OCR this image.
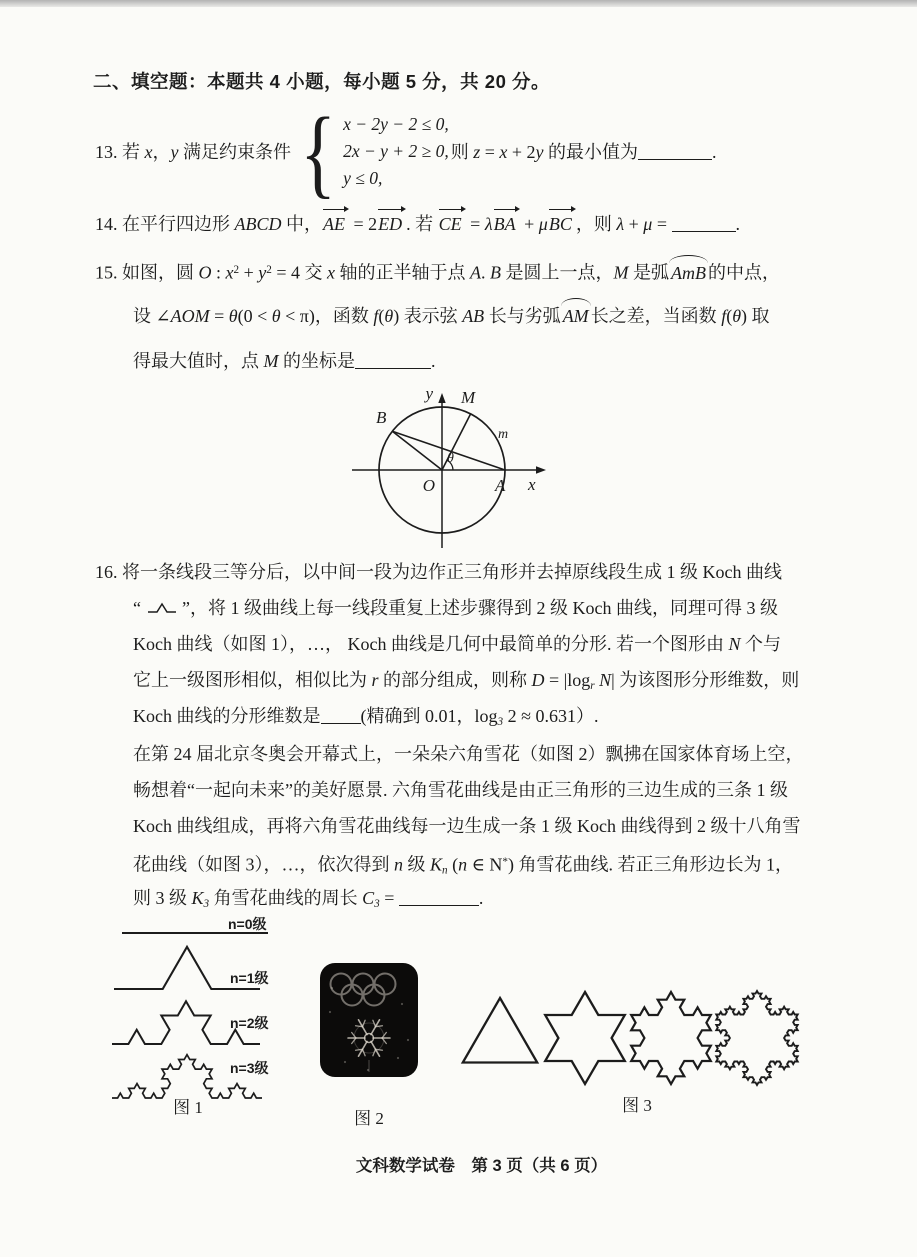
二、填空题：本题共 4 小题，每小题 5 分，共 20 分。
13. 若 x，y 满足约束条件 { x − 2y − 2 ≤ 0,
2x − y + 2 ≥ 0,
y ≤ 0,
则 z = x + 2y 的最小值为	.
14. 在平行四边形 ABCD 中，AE = 2ED . 若 CE = λBA + μBC ，则 λ + μ =	.
15. 如图，圆 O : $x^2 + y^2 = 4$ 交 x 轴的正半轴于点 A. B 是圆上一点，M 是弧 AmB 的中点，
设 ∠AOM = θ(0 < θ < π)，函数 f(θ) 表示弦 AB 长与劣弧 AM 长之差，当函数 f(θ) 取
得最大值时，点 M 的坐标是	.
y M
B
m
θ
O	A x
16. 将一条线段三等分后，以中间一段为边作正三角形并去掉原线段生成 1 级 Koch 曲线
“  ”，将 1 级曲线上每一线段重复上述步骤得到 2 级 Koch 曲线，同理可得 3 级
Koch 曲线（如图 1），…， Koch 曲线是几何中最简单的分形. 若一个图形由 N 个与
它上一级图形相似，相似比为 r 的部分组成，则称 D = |logr N| 为该图形分形维数，则
Koch 曲线的分形维数是 (精确到 0.01，log3 2 ≈ 0.631）.
在第 24 届北京冬奥会开幕式上，一朵朵六角雪花（如图 2）飘拂在国家体育场上空，
畅想着“一起向未来”的美好愿景. 六角雪花曲线是由正三角形的三边生成的三条 1 级
Koch 曲线组成，再将六角雪花曲线每一边生成一条 1 级 Koch 曲线得到 2 级十八角雪
花曲线（如图 3），…，依次得到 n 级 Kn (n ∈ N*) 角雪花曲线. 若正三角形边长为 1，
则 3 级 K3 角雪花曲线的周长 C3 =	.
n=0级
n=1级
n=2级
n=3级
图 1
图 2
图 3
文科数学试卷　第 3 页（共 6 页）
